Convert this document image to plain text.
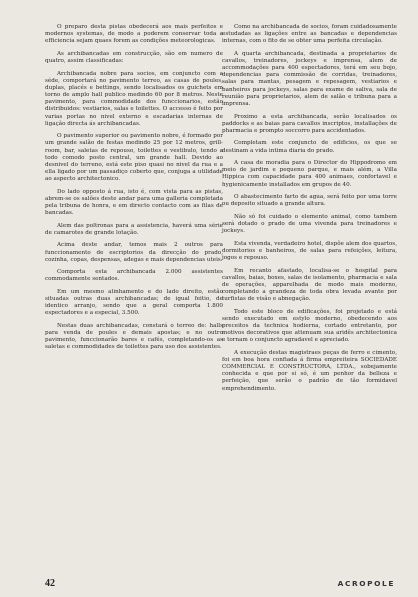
O preparo desta pistas obedecerá aos mais perfeitos e modernos systemas, de modo a poderem conservar toda a efficiencia sejam quaes forem as condições meteorologicas.

As archibancadas em construcção, são em numero de quatro, assim classificadas:

Archibancada nobre para socios, em conjuncto com a séde, comportará no pavimento terreo, as casas de poules, duplas, placés e bettings, sendo localisados os guichets em torno de amplo hall publico medindo 60 por 8 metros. Neste pavimento, para commodidade dos funccionarios, estão distribuidos: vestiarios, salas e toilettes. O accesso é feito por varias portas no nivel externo e escadarias internas de ligação directa ás archibancadas.

O pavimento superior ou pavimento nobre, é formado por um grande salão de festas medindo 25 por 12 metros, grill-room, bar, saletas de repouso, toilettes e vestibulo, tendo a todo comodo posto central, um grande hall. Devido ao desnivel do terreno, está este piso quasi no nivel da rua e a ella ligado por um passadiço coberto que, conjuga a utilidade ao aspecto architectonico.

Do lado opposto á rua, isto é, com vista para as pistas, abrem-se os salões deste andar para uma galleria completada pela tribuna de honra, e em directo contacto com as filas de bancadas.

Alem das poltronas para a assistencia, haverá uma série de camarotes de grande lotação.

Acima deste andar, temos mais 2 outros para funccionamento de escriptorios da direcção do prado, cozinha, copas, despensas, adegas e mais dependencias uteis.

Comporta esta archibancada 2.000 assistentes commodamente sentados.

Em um mesmo alinhamento e do lado direito, estão situadas outras duas archibancadas; de igual feitio, de identico arranjo, sendo que a geral comporta 1.800 espectadores e a especial, 3.500.

Nestas duas archibancadas, constará o terreo de: halls para venda de poules e demais apostas; e no outro pavimento, funccionarão bares e cafés, completando-os as saletas e commodidades de toilettes para uso dos assistentes.

Como na archibancada de socios, foram cuidadosamente estudadas as ligações entre as bancadas e dependencias internas, com o fito de se obter uma perfeita circulação.

A quarta archibancada, destinada a proprietarios de cavallos, treinadores, jockeys e imprensa, alem de accommodações para 400 espectadores, terá em seu bojo, dependencias para commissão de corridas, treinadores, salas para mantas, pesagem e repesagem, vestiarios e banheiros para jockeys, salas para exame de saliva, sala de reunião para proprietarios, alem de salão e tribuna para a imprensa.

Proximo a esta archibancada, serão localisados os paddocks e as baias para cavallos inscriptos, installações de pharmacia e prompto soccorro para accidentados.

Completam este conjuncto de edificios, os que se destinam a vida intima diaria do prado.

A casa de moradia para o Director do Hippodromo em meio de jardim e pequeno parque, e mais além, a Villa Hippica com capacidade para 400 animaes, confortavel e hygienicamente installados em grupos de 40.

O abastecimento farto de agua, será feito por uma torre ou deposito situado a grande altura.

Não só foi cuidado o elemento animal, como tambem será dotado o prado de uma vivenda para treinadores e jockeys.

Esta vivenda, verdadeiro hotel, dispõe alem dos quartos, dormitorios e banheiros, de salas para refeições, leitura, jogos e repouso.

Em recanto afastado, localisa-se o hospital para cavallos, baias, boxes, salas de isolamento, pharmacia e sala de operações, apparelhada de modo mais moderno, completando a grandeza de toda obra levada avante por turfistas de visão e abnegação.

Todo este bloco de edificações, foi projetado e está sendo executado em estylo moderno, obedecendo aos preceitos da technica hodierna, cortado entretanto, por motivos decorativos que attenuam sua aridês architectonica e tornam o conjuncto agradavel e apreciado.

A execução destas magistraes peças de ferro e cimento, foi em boa hora confiada á firma empreiteira SOCIEDADE COMMERCIAL E CONSTRUCTORA, LTDA., sobejamente conhecida e que por si só, é um penhor da belleza e perfeição, que serão o padrão de tão formidavel emprehendimento.

42	ACROPOLE
